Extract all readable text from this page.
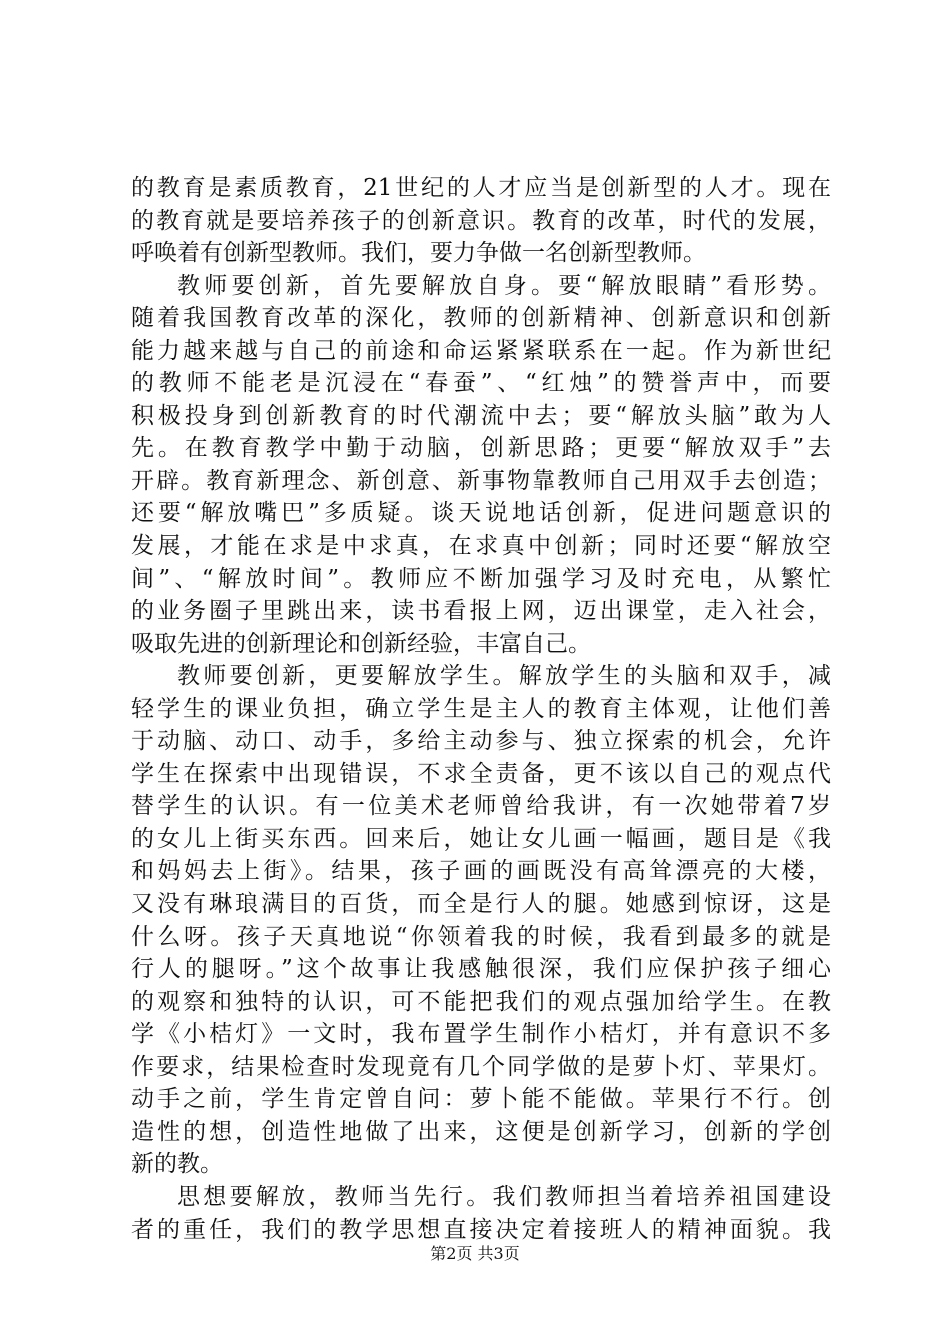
的教育是素质教育，21世纪的人才应当是创新型的人才。现在
的教育就是要培养孩子的创新意识。教育的改革，时代的发展，
呼唤着有创新型教师。我们，要力争做一名创新型教师。
教师要创新，首先要解放自身。要“解放眼睛”看形势。
随着我国教育改革的深化，教师的创新精神、创新意识和创新
能力越来越与自己的前途和命运紧紧联系在一起。作为新世纪
的教师不能老是沉浸在“春蚕”、“红烛”的赞誉声中，而要
积极投身到创新教育的时代潮流中去；要“解放头脑”敢为人
先。在教育教学中勤于动脑，创新思路；更要“解放双手”去
开辟。教育新理念、新创意、新事物靠教师自己用双手去创造；
还要“解放嘴巴”多质疑。谈天说地话创新，促进问题意识的
发展，才能在求是中求真，在求真中创新；同时还要“解放空
间”、“解放时间”。教师应不断加强学习及时充电，从繁忙
的业务圈子里跳出来，读书看报上网，迈出课堂，走入社会，
吸取先进的创新理论和创新经验，丰富自己。
教师要创新，更要解放学生。解放学生的头脑和双手，减
轻学生的课业负担，确立学生是主人的教育主体观，让他们善
于动脑、动口、动手，多给主动参与、独立探索的机会，允许
学生在探索中出现错误，不求全责备，更不该以自己的观点代
替学生的认识。有一位美术老师曾给我讲，有一次她带着7岁
的女儿上街买东西。回来后，她让女儿画一幅画，题目是《我
和妈妈去上街》。结果，孩子画的画既没有高耸漂亮的大楼，
又没有琳琅满目的百货，而全是行人的腿。她感到惊讶，这是
什么呀。孩子天真地说“你领着我的时候，我看到最多的就是
行人的腿呀。”这个故事让我感触很深，我们应保护孩子细心
的观察和独特的认识，可不能把我们的观点强加给学生。在教
学《小桔灯》一文时，我布置学生制作小桔灯，并有意识不多
作要求，结果检查时发现竟有几个同学做的是萝卜灯、苹果灯。
动手之前，学生肯定曾自问：萝卜能不能做。苹果行不行。创
造性的想，创造性地做了出来，这便是创新学习，创新的学创
新的教。
思想要解放，教师当先行。我们教师担当着培养祖国建设
者的重任，我们的教学思想直接决定着接班人的精神面貌。我
第2页 共3页
